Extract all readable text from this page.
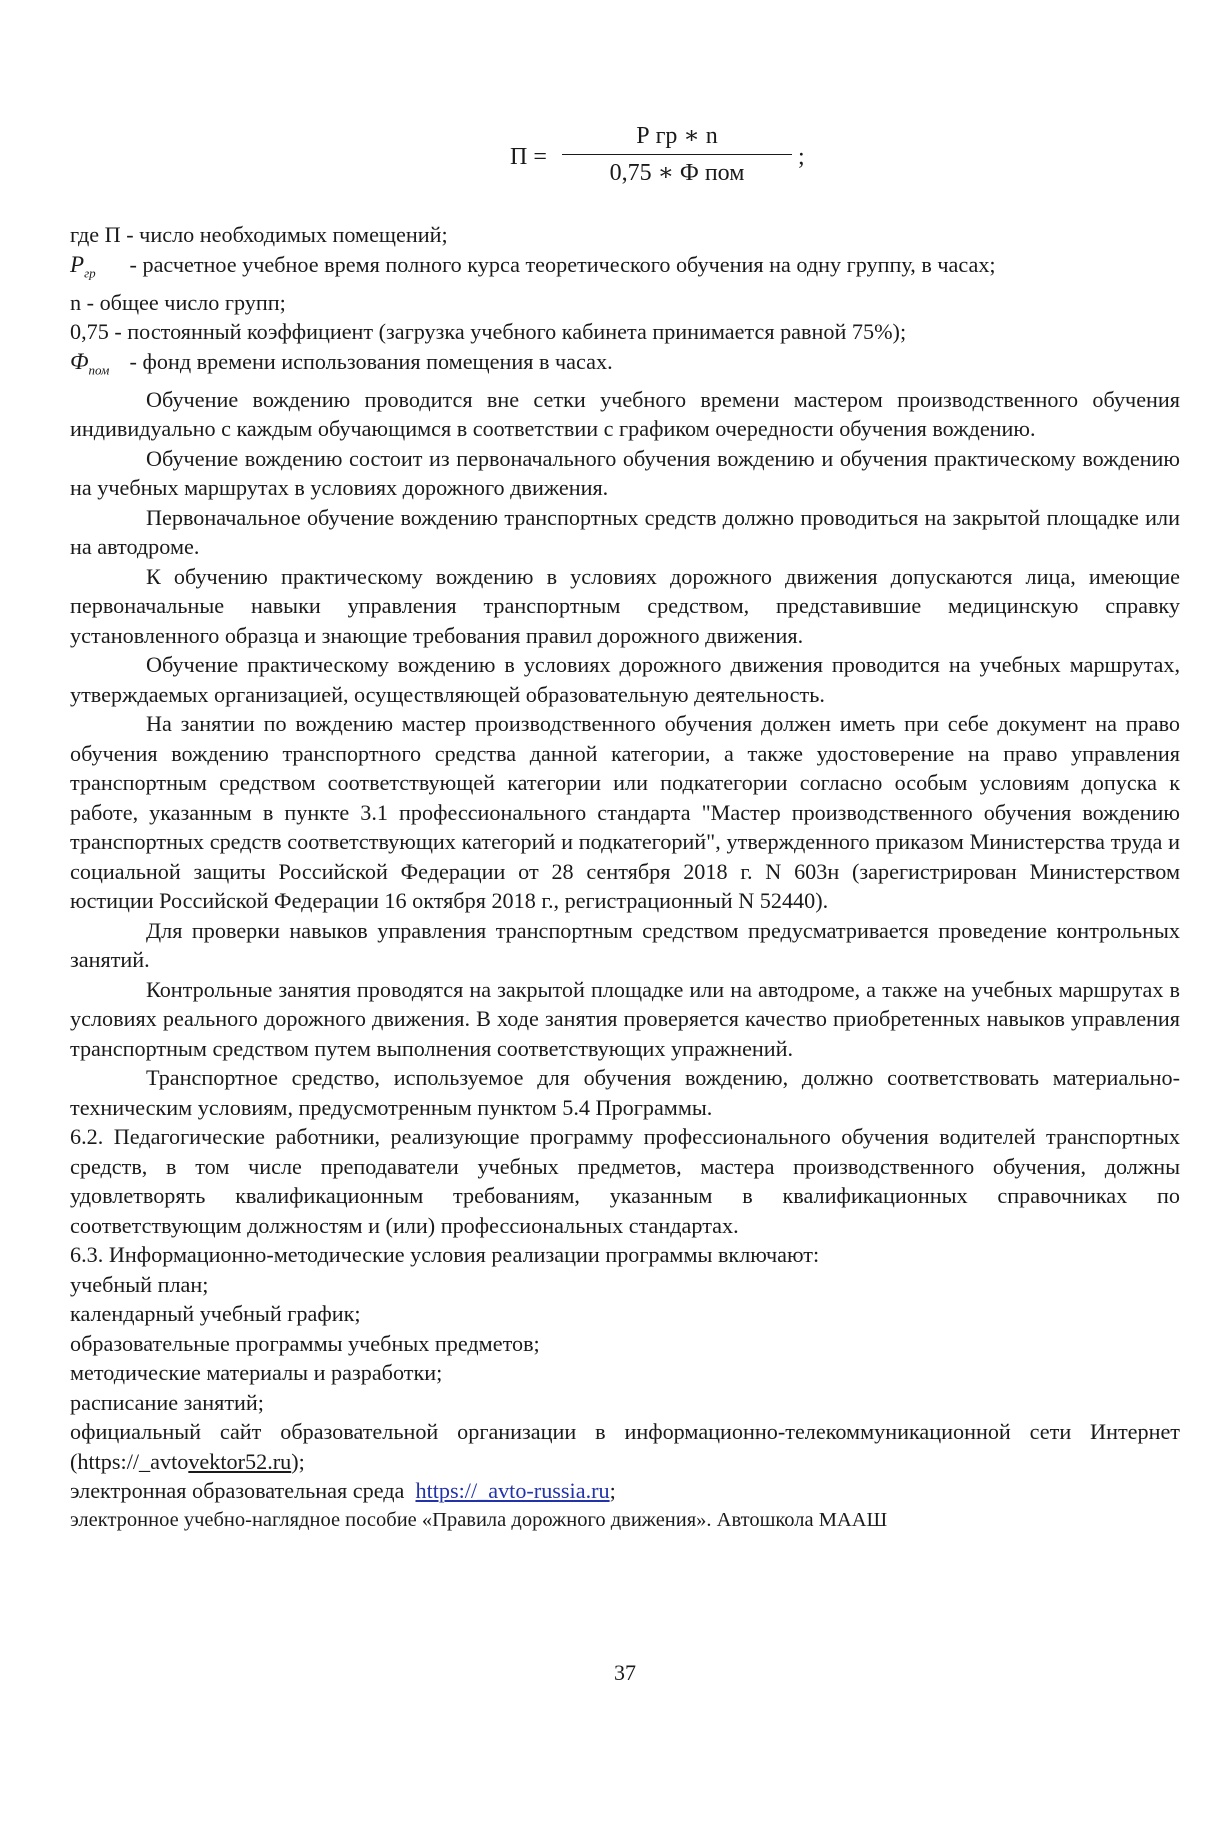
П =
Р гр ∗ n
0,75 ∗ Ф пом
;

где П - число необходимых помещений;

$P_{гр}$ - расчетное учебное время полного курса теоретического обучения на одну группу, в часах;

n - общее число групп;

0,75 - постоянный коэффициент (загрузка учебного кабинета принимается равной 75%);

$Ф_{пом}$ - фонд времени использования помещения в часах.

Обучение вождению проводится вне сетки учебного времени мастером производственного обучения индивидуально с каждым обучающимся в соответствии с графиком очередности обучения вождению.

Обучение вождению состоит из первоначального обучения вождению и обучения практическому вождению на учебных маршрутах в условиях дорожного движения.

Первоначальное обучение вождению транспортных средств должно проводиться на закрытой площадке или на автодроме.

К обучению практическому вождению в условиях дорожного движения допускаются лица, имеющие первоначальные навыки управления транспортным средством, представившие медицинскую справку установленного образца и знающие требования правил дорожного движения.

Обучение практическому вождению в условиях дорожного движения проводится на учебных маршрутах, утверждаемых организацией, осуществляющей образовательную деятельность.

На занятии по вождению мастер производственного обучения должен иметь при себе документ на право обучения вождению транспортного средства данной категории, а также удостоверение на право управления транспортным средством соответствующей категории или подкатегории согласно особым условиям допуска к работе, указанным в пункте 3.1 профессионального стандарта "Мастер производственного обучения вождению транспортных средств соответствующих категорий и подкатегорий", утвержденного приказом Министерства труда и социальной защиты Российской Федерации от 28 сентября 2018 г. N 603н (зарегистрирован Министерством юстиции Российской Федерации 16 октября 2018 г., регистрационный N 52440).

Для проверки навыков управления транспортным средством предусматривается проведение контрольных занятий.

Контрольные занятия проводятся на закрытой площадке или на автодроме, а также на учебных маршрутах в условиях реального дорожного движения. В ходе занятия проверяется качество приобретенных навыков управления транспортным средством путем выполнения соответствующих упражнений.

Транспортное средство, используемое для обучения вождению, должно соответствовать материально-техническим условиям, предусмотренным пунктом 5.4 Программы.

6.2. Педагогические работники, реализующие программу профессионального обучения водителей транспортных средств, в том числе преподаватели учебных предметов, мастера производственного обучения, должны удовлетворять квалификационным требованиям, указанным в квалификационных справочниках по соответствующим должностям и (или) профессиональных стандартах.

6.3. Информационно-методические условия реализации программы включают:

учебный план;

календарный учебный график;

образовательные программы учебных предметов;

методические материалы и разработки;

расписание занятий;

официальный сайт образовательной организации в информационно-телекоммуникационной сети Интернет (https://_avtovektor52.ru);

электронная образовательная среда  https://_avto-russia.ru;

электронное учебно-наглядное пособие «Правила дорожного движения». Автошкола МААШ

37
